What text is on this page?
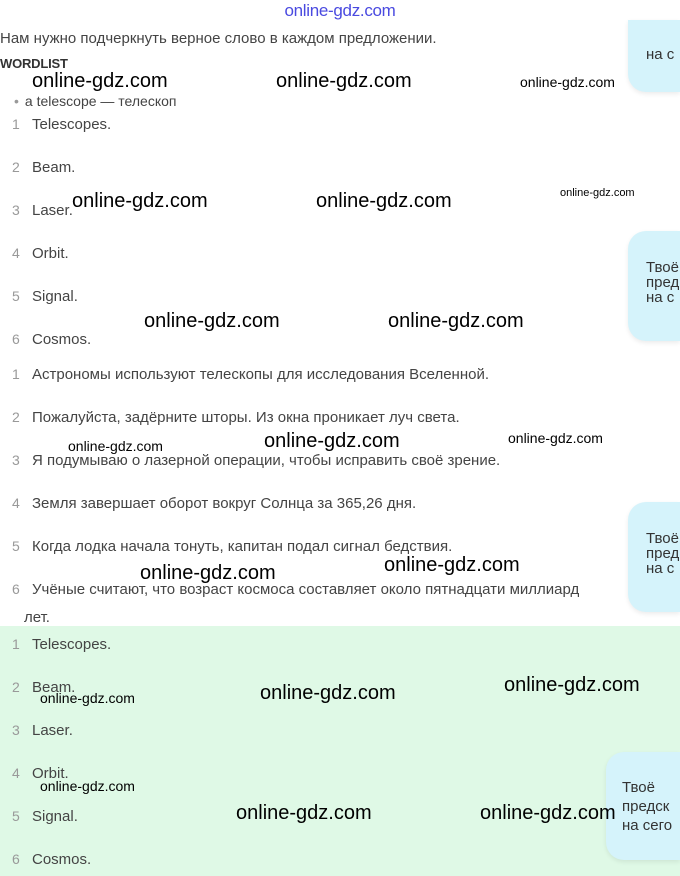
online-gdz.com
Нам нужно подчеркнуть верное слово в каждом предложении.
WORDLIST
• a telescope — телескоп
1 Telescopes.
2 Beam.
3 Laser.
4 Orbit.
5 Signal.
6 Cosmos.
1 Астрономы используют телескопы для исследования Вселенной.
2 Пожалуйста, задёрните шторы. Из окна проникает луч света.
3 Я подумываю о лазерной операции, чтобы исправить своё зрение.
4 Земля завершает оборот вокруг Солнца за 365,26 дня.
5 Когда лодка начала тонуть, капитан подал сигнал бедствия.
6 Учёные считают, что возраст космоса составляет около пятнадцати миллиард
лет.
1 Telescopes.
2 Beam.
3 Laser.
4 Orbit.
5 Signal.
6 Cosmos.
на с
Твоё
пред
на с
Твоё
пред
на с
Твоё
предск
на сего
online-gdz.com	online-gdz.com	online-gdz.com
online-gdz.com	online-gdz.com	online-gdz.com
online-gdz.com	online-gdz.com
online-gdz.com	online-gdz.com	online-gdz.com
online-gdz.com	online-gdz.com
online-gdz.com	online-gdz.com	online-gdz.com
online-gdz.com
online-gdz.com	online-gdz.com
